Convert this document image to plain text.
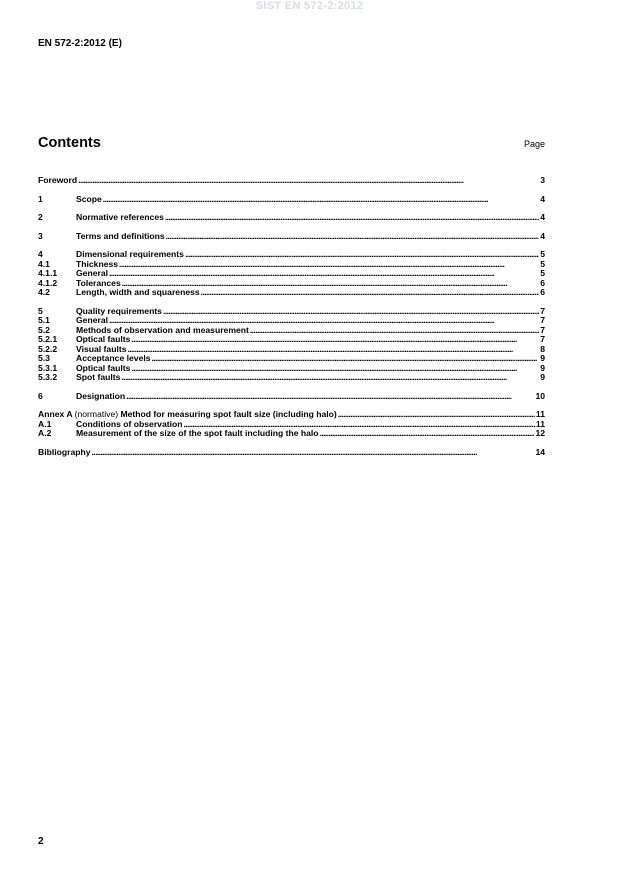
SIST EN 572-2:2012
EN 572-2:2012 (E)
Contents	Page
Foreword . . .	3
1	Scope . . .	4
2	Normative references . . .	4
3	Terms and definitions . . .	4
4	Dimensional requirements . . .	5
4.1	Thickness . . .	5
4.1.1	General . . .	5
4.1.2	Tolerances . . .	6
4.2	Length, width and squareness . . .	6
5	Quality requirements . . .	7
5.1	General . . .	7
5.2	Methods of observation and measurement . . .	7
5.2.1	Optical faults . . .	7
5.2.2	Visual faults . . .	8
5.3	Acceptance levels . . .	9
5.3.1	Optical faults . . .	9
5.3.2	Spot faults . . .	9
6	Designation . . .	10
Annex A (normative) Method for measuring spot fault size (including halo) . . .	11
A.1	Conditions of observation . . .	11
A.2	Measurement of the size of the spot fault including the halo . . .	12
Bibliography . . .	14
2
